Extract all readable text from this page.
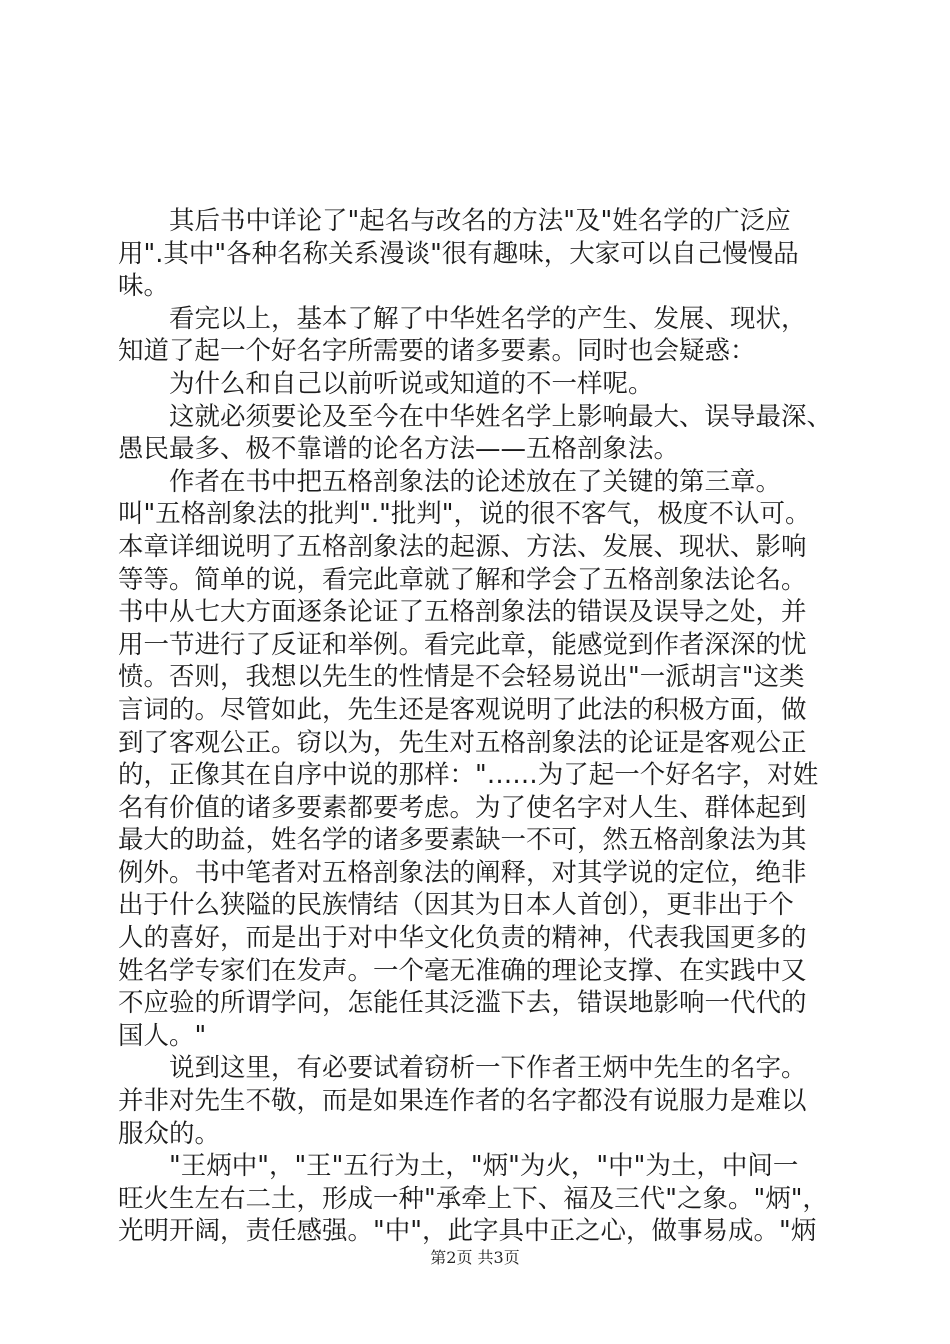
　　其后书中详论了"起名与改名的方法"及"姓名学的广泛应
用".其中"各种名称关系漫谈"很有趣味，大家可以自己慢慢品
味。
　　看完以上，基本了解了中华姓名学的产生、发展、现状，
知道了起一个好名字所需要的诸多要素。同时也会疑惑：
　　为什么和自己以前听说或知道的不一样呢。
　　这就必须要论及至今在中华姓名学上影响最大、误导最深、
愚民最多、极不靠谱的论名方法——五格剖象法。
　　作者在书中把五格剖象法的论述放在了关键的第三章。
叫"五格剖象法的批判"."批判"，说的很不客气，极度不认可。
本章详细说明了五格剖象法的起源、方法、发展、现状、影响
等等。简单的说，看完此章就了解和学会了五格剖象法论名。
书中从七大方面逐条论证了五格剖象法的错误及误导之处，并
用一节进行了反证和举例。看完此章，能感觉到作者深深的忧
愤。否则，我想以先生的性情是不会轻易说出"一派胡言"这类
言词的。尽管如此，先生还是客观说明了此法的积极方面，做
到了客观公正。窃以为，先生对五格剖象法的论证是客观公正
的，正像其在自序中说的那样："……为了起一个好名字，对姓
名有价值的诸多要素都要考虑。为了使名字对人生、群体起到
最大的助益，姓名学的诸多要素缺一不可，然五格剖象法为其
例外。书中笔者对五格剖象法的阐释，对其学说的定位，绝非
出于什么狭隘的民族情结（因其为日本人首创），更非出于个
人的喜好，而是出于对中华文化负责的精神，代表我国更多的
姓名学专家们在发声。一个毫无准确的理论支撑、在实践中又
不应验的所谓学问，怎能任其泛滥下去，错误地影响一代代的
国人。"
　　说到这里，有必要试着窃析一下作者王炳中先生的名字。
并非对先生不敬，而是如果连作者的名字都没有说服力是难以
服众的。
　　"王炳中"，"王"五行为土，"炳"为火，"中"为土，中间一
旺火生左右二土，形成一种"承牵上下、福及三代"之象。"炳"，
光明开阔，责任感强。"中"，此字具中正之心，做事易成。"炳
第2页 共3页
